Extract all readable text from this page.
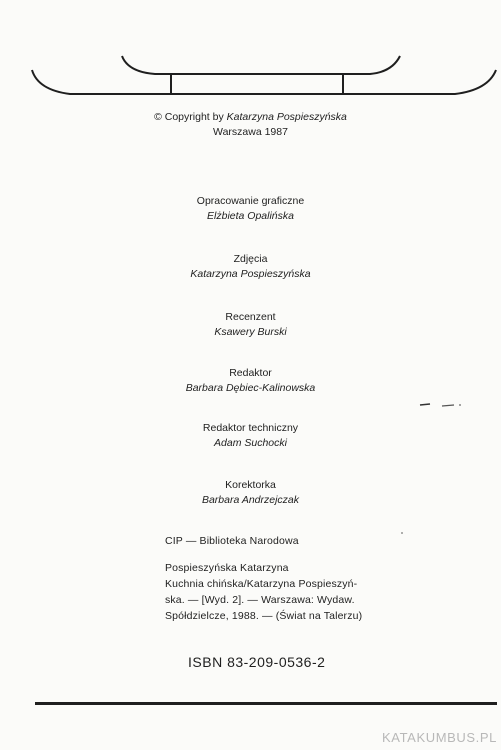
© Copyright by Katarzyna Pospieszyńska
Warszawa 1987
Opracowanie graficzne
Elżbieta Opalińska
Zdjęcia
Katarzyna Pospieszyńska
Recenzent
Ksawery Burski
Redaktor
Barbara Dębiec-Kalinowska
Redaktor techniczny
Adam Suchocki
Korektorka
Barbara Andrzejczak
CIP — Biblioteka Narodowa
Pospieszyńska Katarzyna
Kuchnia chińska/Katarzyna Pospieszyń-
ska. — [Wyd. 2]. — Warszawa: Wydaw.
Spółdzielcze, 1988. — (Świat na Talerzu)
ISBN 83-209-0536-2
KATAKUMBUS.PL
